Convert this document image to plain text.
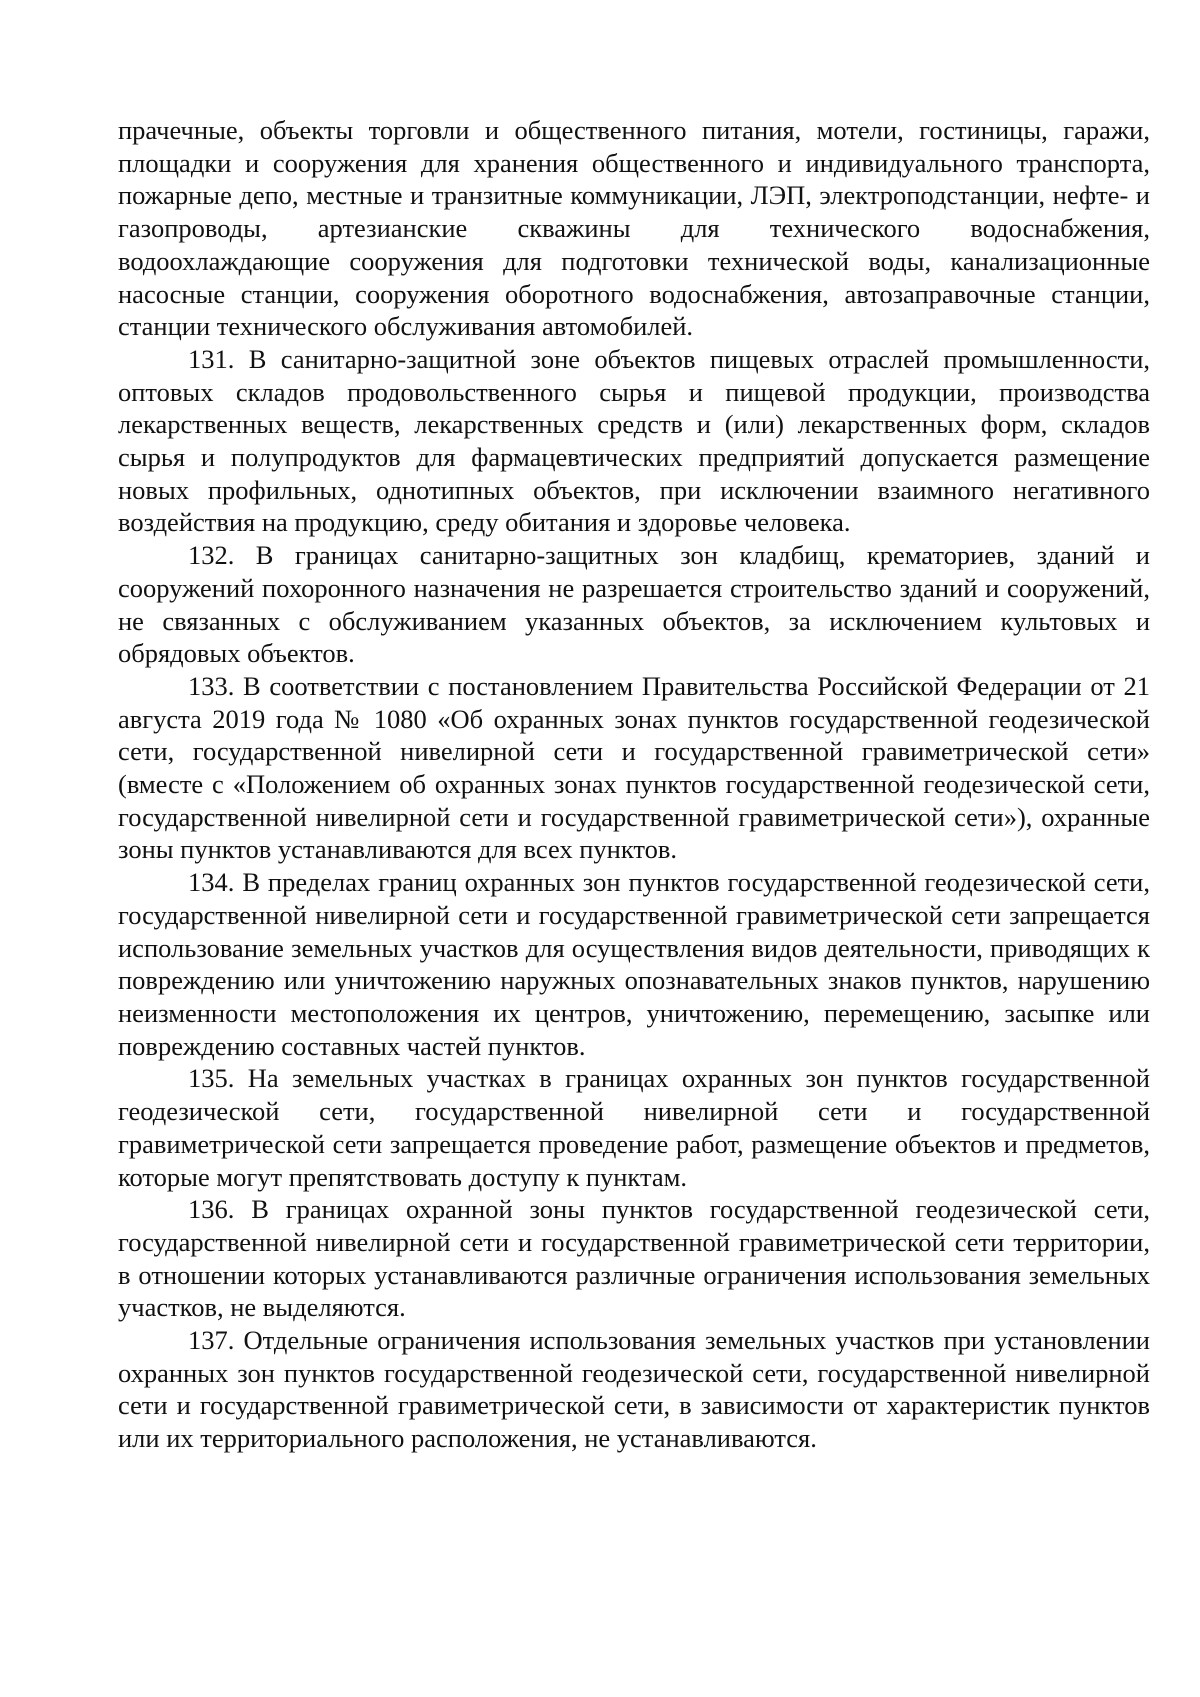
прачечные, объекты торговли и общественного питания, мотели, гостиницы, гаражи, площадки и сооружения для хранения общественного и индивидуального транспорта, пожарные депо, местные и транзитные коммуникации, ЛЭП, электроподстанции, нефте- и газопроводы, артезианские скважины для технического водоснабжения, водоохлаждающие сооружения для подготовки технической воды, канализационные насосные станции, сооружения оборотного водоснабжения, автозаправочные станции, станции технического обслуживания автомобилей.

131. В санитарно-защитной зоне объектов пищевых отраслей промышленности, оптовых складов продовольственного сырья и пищевой продукции, производства лекарственных веществ, лекарственных средств и (или) лекарственных форм, складов сырья и полупродуктов для фармацевтических предприятий допускается размещение новых профильных, однотипных объектов, при исключении взаимного негативного воздействия на продукцию, среду обитания и здоровье человека.

132. В границах санитарно-защитных зон кладбищ, крематориев, зданий и сооружений похоронного назначения не разрешается строительство зданий и сооружений, не связанных с обслуживанием указанных объектов, за исключением культовых и обрядовых объектов.

133. В соответствии с постановлением Правительства Российской Федерации от 21 августа 2019 года № 1080 «Об охранных зонах пунктов государственной геодезической сети, государственной нивелирной сети и государственной гравиметрической сети» (вместе с «Положением об охранных зонах пунктов государственной геодезической сети, государственной нивелирной сети и государственной гравиметрической сети»), охранные зоны пунктов устанавливаются для всех пунктов.

134. В пределах границ охранных зон пунктов государственной геодезической сети, государственной нивелирной сети и государственной гравиметрической сети запрещается использование земельных участков для осуществления видов деятельности, приводящих к повреждению или уничтожению наружных опознавательных знаков пунктов, нарушению неизменности местоположения их центров, уничтожению, перемещению, засыпке или повреждению составных частей пунктов.

135. На земельных участках в границах охранных зон пунктов государственной геодезической сети, государственной нивелирной сети и государственной гравиметрической сети запрещается проведение работ, размещение объектов и предметов, которые могут препятствовать доступу к пунктам.

136. В границах охранной зоны пунктов государственной геодезической сети, государственной нивелирной сети и государственной гравиметрической сети территории, в отношении которых устанавливаются различные ограничения использования земельных участков, не выделяются.

137. Отдельные ограничения использования земельных участков при установлении охранных зон пунктов государственной геодезической сети, государственной нивелирной сети и государственной гравиметрической сети, в зависимости от характеристик пунктов или их территориального расположения, не устанавливаются.
